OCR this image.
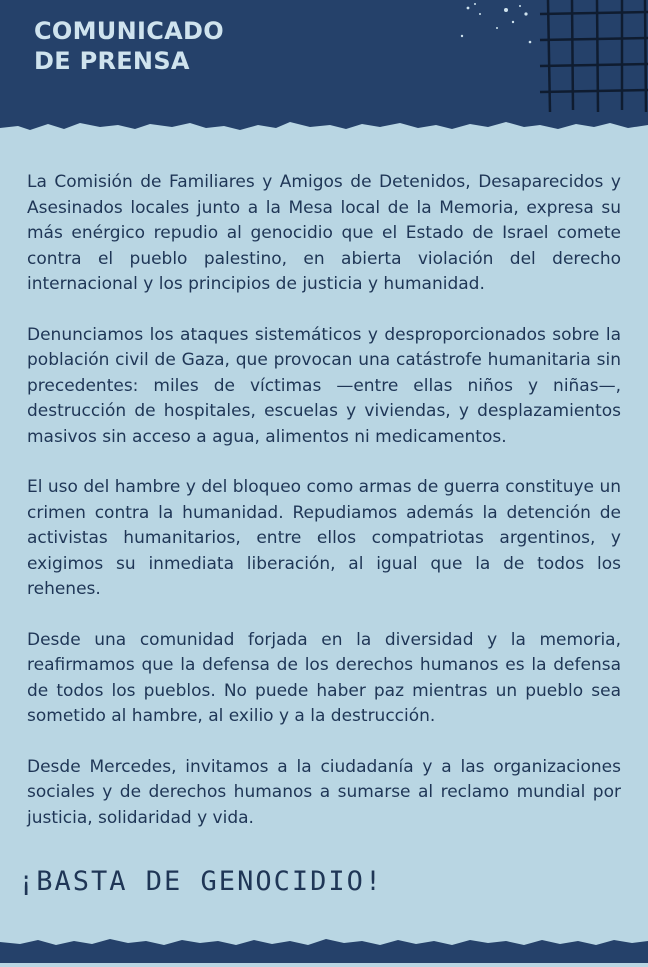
COMUNICADO
DE PRENSA

La Comisión de Familiares y Amigos de Detenidos, Desaparecidos y Asesinados locales junto a la Mesa local de la Memoria, expresa su más enérgico repudio al genocidio que el Estado de Israel comete contra el pueblo palestino, en abierta violación del derecho internacional y los principios de justicia y humanidad.

Denunciamos los ataques sistemáticos y desproporcionados sobre la población civil de Gaza, que provocan una catástrofe humanitaria sin precedentes: miles de víctimas —entre ellas niños y niñas—, destrucción de hospitales, escuelas y viviendas, y desplazamientos masivos sin acceso a agua, alimentos ni medicamentos.

El uso del hambre y del bloqueo como armas de guerra constituye un crimen contra la humanidad. Repudiamos además la detención de activistas humanitarios, entre ellos compatriotas argentinos, y exigimos su inmediata liberación, al igual que la de todos los rehenes.

Desde una comunidad forjada en la diversidad y la memoria, reafirmamos que la defensa de los derechos humanos es la defensa de todos los pueblos. No puede haber paz mientras un pueblo sea sometido al hambre, al exilio y a la destrucción.

Desde Mercedes, invitamos a la ciudadanía y a las organizaciones sociales y de derechos humanos a sumarse al reclamo mundial por justicia, solidaridad y vida.

¡BASTA DE GENOCIDIO!
